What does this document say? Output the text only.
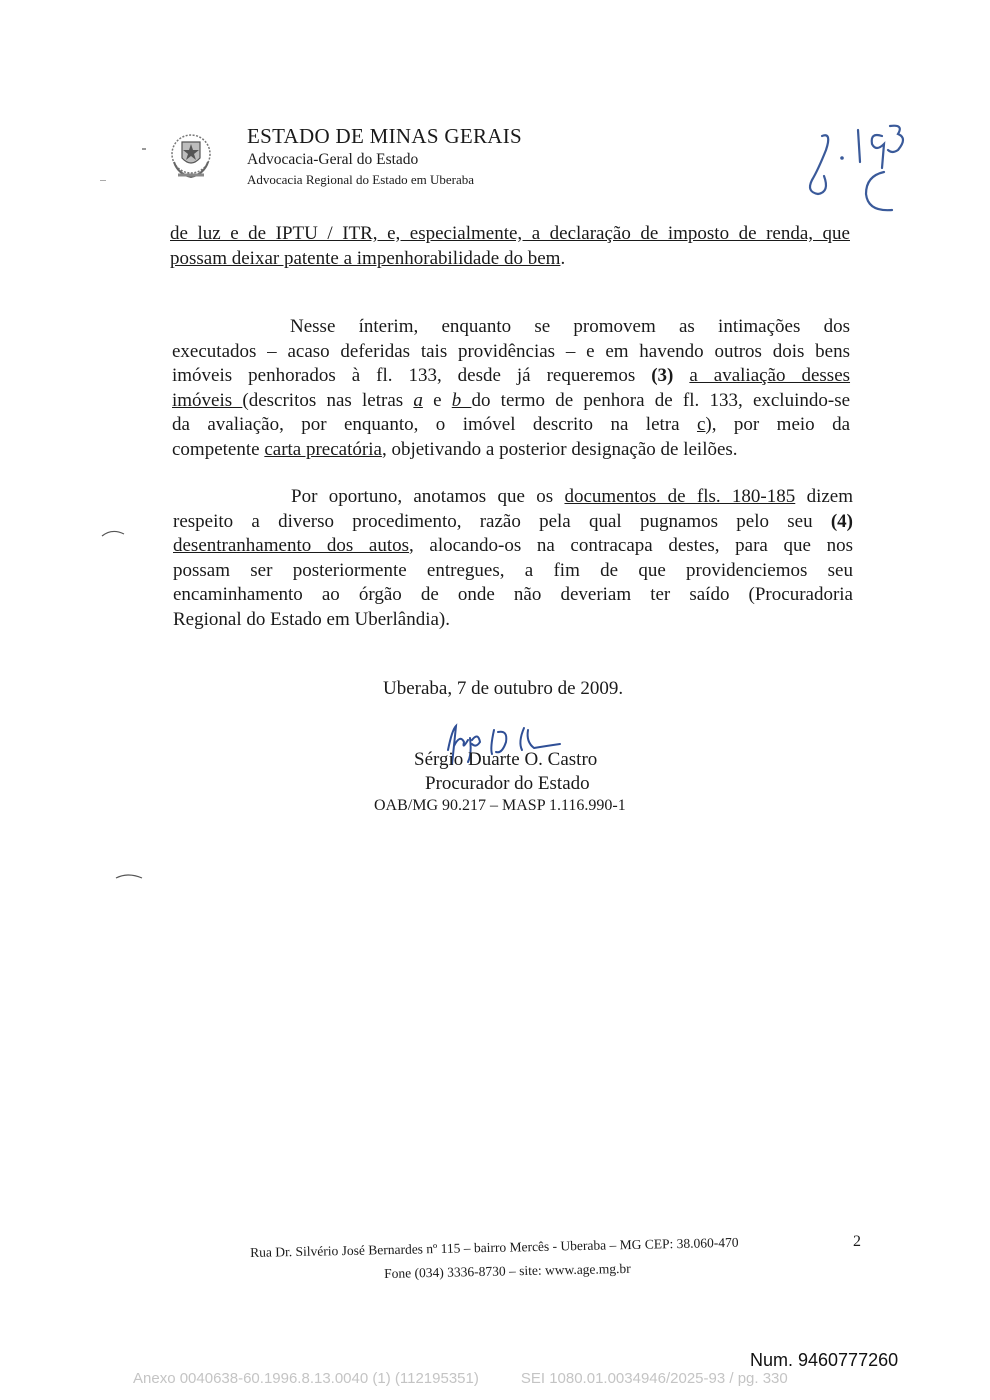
ESTADO DE MINAS GERAIS
Advocacia-Geral do Estado
Advocacia Regional do Estado em Uberaba
de luz e de IPTU / ITR, e, especialmente, a declaração de imposto de renda, que
possam deixar patente a impenhorabilidade do bem.
Nesse ínterim, enquanto se promovem as intimações dos
executados – acaso deferidas tais providências – e em havendo outros dois bens
imóveis penhorados à fl. 133, desde já requeremos (3) a avaliação desses
imóveis (descritos nas letras a e b do termo de penhora de fl. 133, excluindo-se
da avaliação, por enquanto, o imóvel descrito na letra c), por meio da
competente carta precatória, objetivando a posterior designação de leilões.
Por oportuno, anotamos que os documentos de fls. 180-185 dizem
respeito a diverso procedimento, razão pela qual pugnamos pelo seu (4)
desentranhamento dos autos, alocando-os na contracapa destes, para que nos
possam ser posteriormente entregues, a fim de que providenciemos seu
encaminhamento ao órgão de onde não deveriam ter saído (Procuradoria
Regional do Estado em Uberlândia).
Uberaba, 7 de outubro de 2009.
Sérgio Duarte O. Castro
Procurador do Estado
OAB/MG 90.217 – MASP 1.116.990-1
2
Rua Dr. Silvério José Bernardes nº 115 – bairro Mercês - Uberaba – MG CEP: 38.060-470
Fone (034) 3336-8730 – site: www.age.mg.br
Num. 9460777260
Anexo 0040638-60.1996.8.13.0040 (1) (112195351)	SEI 1080.01.0034946/2025-93 / pg. 330
